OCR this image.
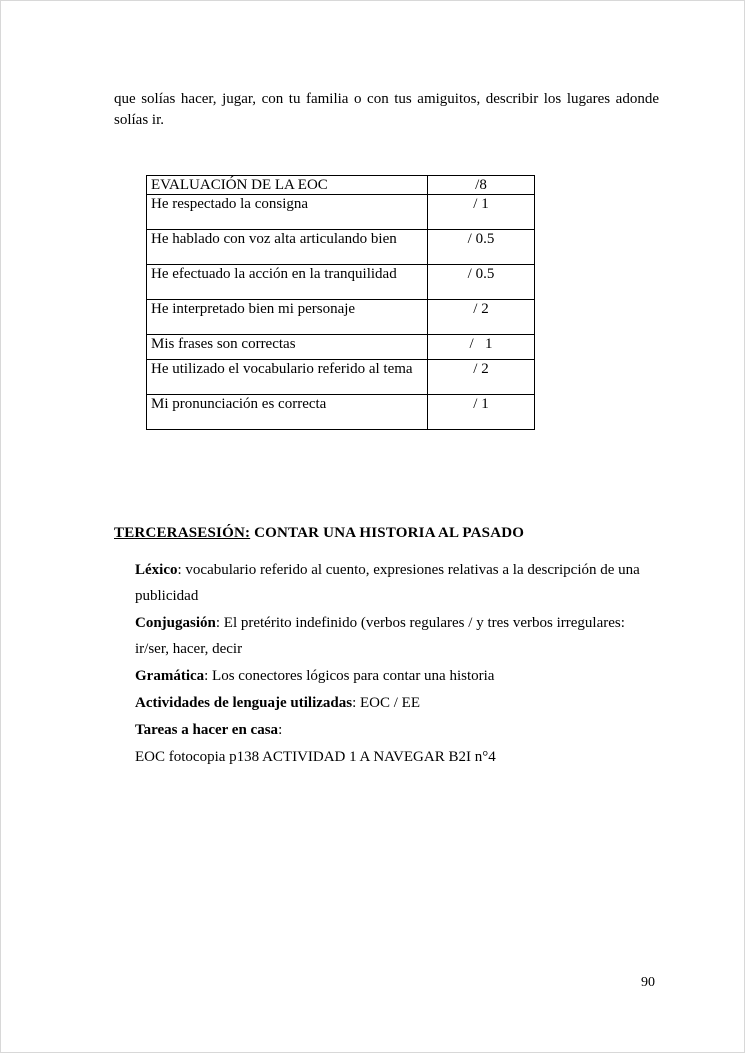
que solías hacer, jugar, con tu familia o con tus amiguitos, describir los lugares adonde solías ir.

EVALUACIÓN DE LA EOC	/8
He respectado la consigna	/ 1
He hablado con voz alta articulando bien	/ 0.5
He efectuado la acción en la tranquilidad	/ 0.5
He interpretado bien mi personaje	/ 2
Mis frases son correctas	/   1
He utilizado el vocabulario referido al tema	/ 2
Mi pronunciación es correcta	/ 1
TERCERASESIÓN: CONTAR UNA HISTORIA AL PASADO

Léxico: vocabulario referido al cuento, expresiones relativas a la descripción de una publicidad

Conjugasión: El pretérito indefinido (verbos regulares / y tres verbos irregulares: ir/ser, hacer, decir

Gramática: Los conectores lógicos para contar una historia

Actividades de lenguaje utilizadas: EOC / EE

Tareas a hacer en casa:

EOC fotocopia p138 ACTIVIDAD 1 A NAVEGAR B2I n°4

90
